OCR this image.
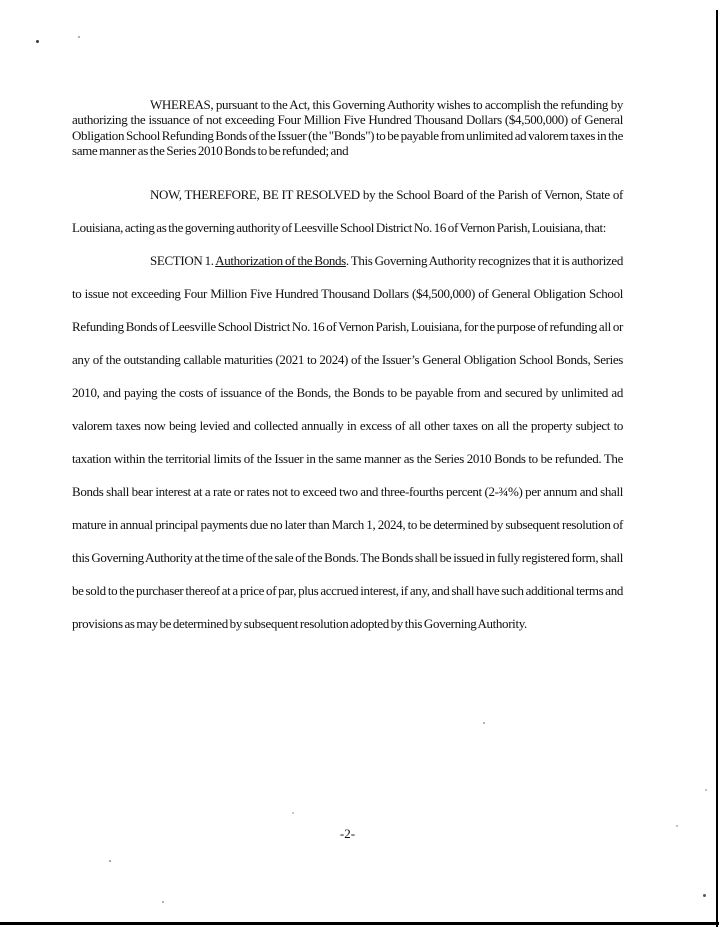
WHEREAS, pursuant to the Act, this Governing Authority wishes to accomplish the refunding by authorizing the issuance of not exceeding Four Million Five Hundred Thousand Dollars ($4,500,000) of General Obligation School Refunding Bonds of the Issuer (the "Bonds") to be payable from unlimited ad valorem taxes in the same manner as the Series 2010 Bonds to be refunded; and

NOW, THEREFORE, BE IT RESOLVED by the School Board of the Parish of Vernon, State of Louisiana, acting as the governing authority of Leesville School District No. 16 of Vernon Parish, Louisiana, that:

SECTION 1. Authorization of the Bonds. This Governing Authority recognizes that it is authorized to issue not exceeding Four Million Five Hundred Thousand Dollars ($4,500,000) of General Obligation School Refunding Bonds of Leesville School District No. 16 of Vernon Parish, Louisiana, for the purpose of refunding all or any of the outstanding callable maturities (2021 to 2024) of the Issuer’s General Obligation School Bonds, Series 2010, and paying the costs of issuance of the Bonds, the Bonds to be payable from and secured by unlimited ad valorem taxes now being levied and collected annually in excess of all other taxes on all the property subject to taxation within the territorial limits of the Issuer in the same manner as the Series 2010 Bonds to be refunded. The Bonds shall bear interest at a rate or rates not to exceed two and three-fourths percent (2-¾%) per annum and shall mature in annual principal payments due no later than March 1, 2024, to be determined by subsequent resolution of this Governing Authority at the time of the sale of the Bonds. The Bonds shall be issued in fully registered form, shall be sold to the purchaser thereof at a price of par, plus accrued interest, if any, and shall have such additional terms and provisions as may be determined by subsequent resolution adopted by this Governing Authority.

-2-
